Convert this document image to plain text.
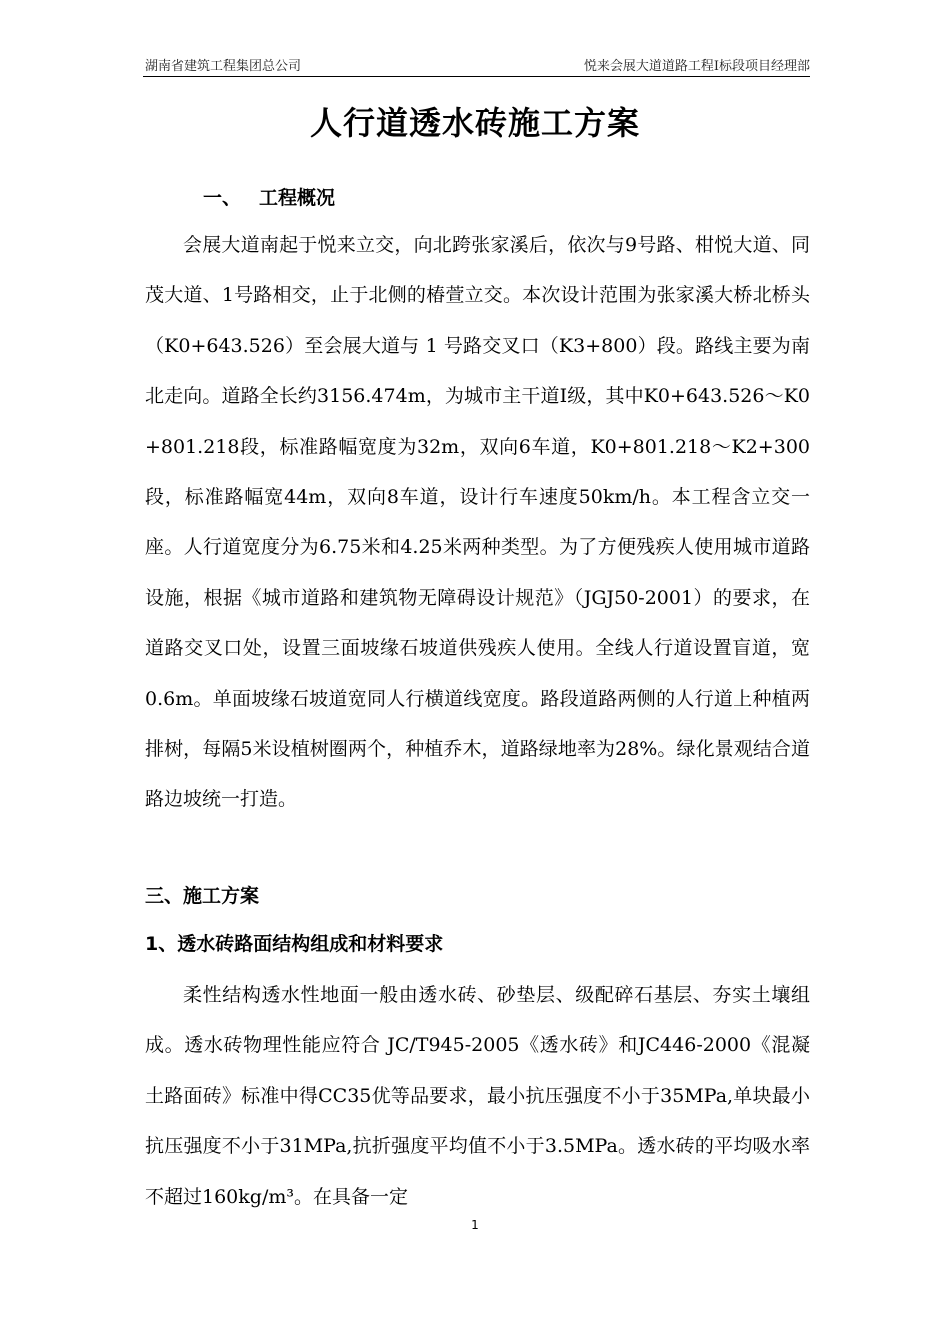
湖南省建筑工程集团总公司	悦来会展大道道路工程Ⅰ标段项目经理部
人行道透水砖施工方案
一、 工程概况
会展大道南起于悦来立交，向北跨张家溪后，依次与9号路、柑悦大道、同茂大道、1号路相交，止于北侧的椿萱立交。本次设计范围为张家溪大桥北桥头（K0+643.526）至会展大道与 1 号路交叉口（K3+800）段。路线主要为南北走向。道路全长约3156.474m，为城市主干道Ⅰ级，其中K0+643.526～K0+801.218段，标准路幅宽度为32m，双向6车道，K0+801.218～K2+300段，标准路幅宽44m，双向8车道，设计行车速度50km/h。本工程含立交一座。人行道宽度分为6.75米和4.25米两种类型。为了方便残疾人使用城市道路设施，根据《城市道路和建筑物无障碍设计规范》（JGJ50-2001）的要求，在道路交叉口处，设置三面坡缘石坡道供残疾人使用。全线人行道设置盲道，宽 0.6m。单面坡缘石坡道宽同人行横道线宽度。路段道路两侧的人行道上种植两排树，每隔5米设植树圈两个，种植乔木，道路绿地率为28%。绿化景观结合道路边坡统一打造。
三、施工方案
1、透水砖路面结构组成和材料要求
柔性结构透水性地面一般由透水砖、砂垫层、级配碎石基层、夯实土壤组成。透水砖物理性能应符合 JC/T945-2005《透水砖》和JC446-2000《混凝土路面砖》标准中得CC35优等品要求，最小抗压强度不小于35MPa,单块最小抗压强度不小于31MPa,抗折强度平均值不小于3.5MPa。透水砖的平均吸水率不超过160kg/m³。在具备一定
1
